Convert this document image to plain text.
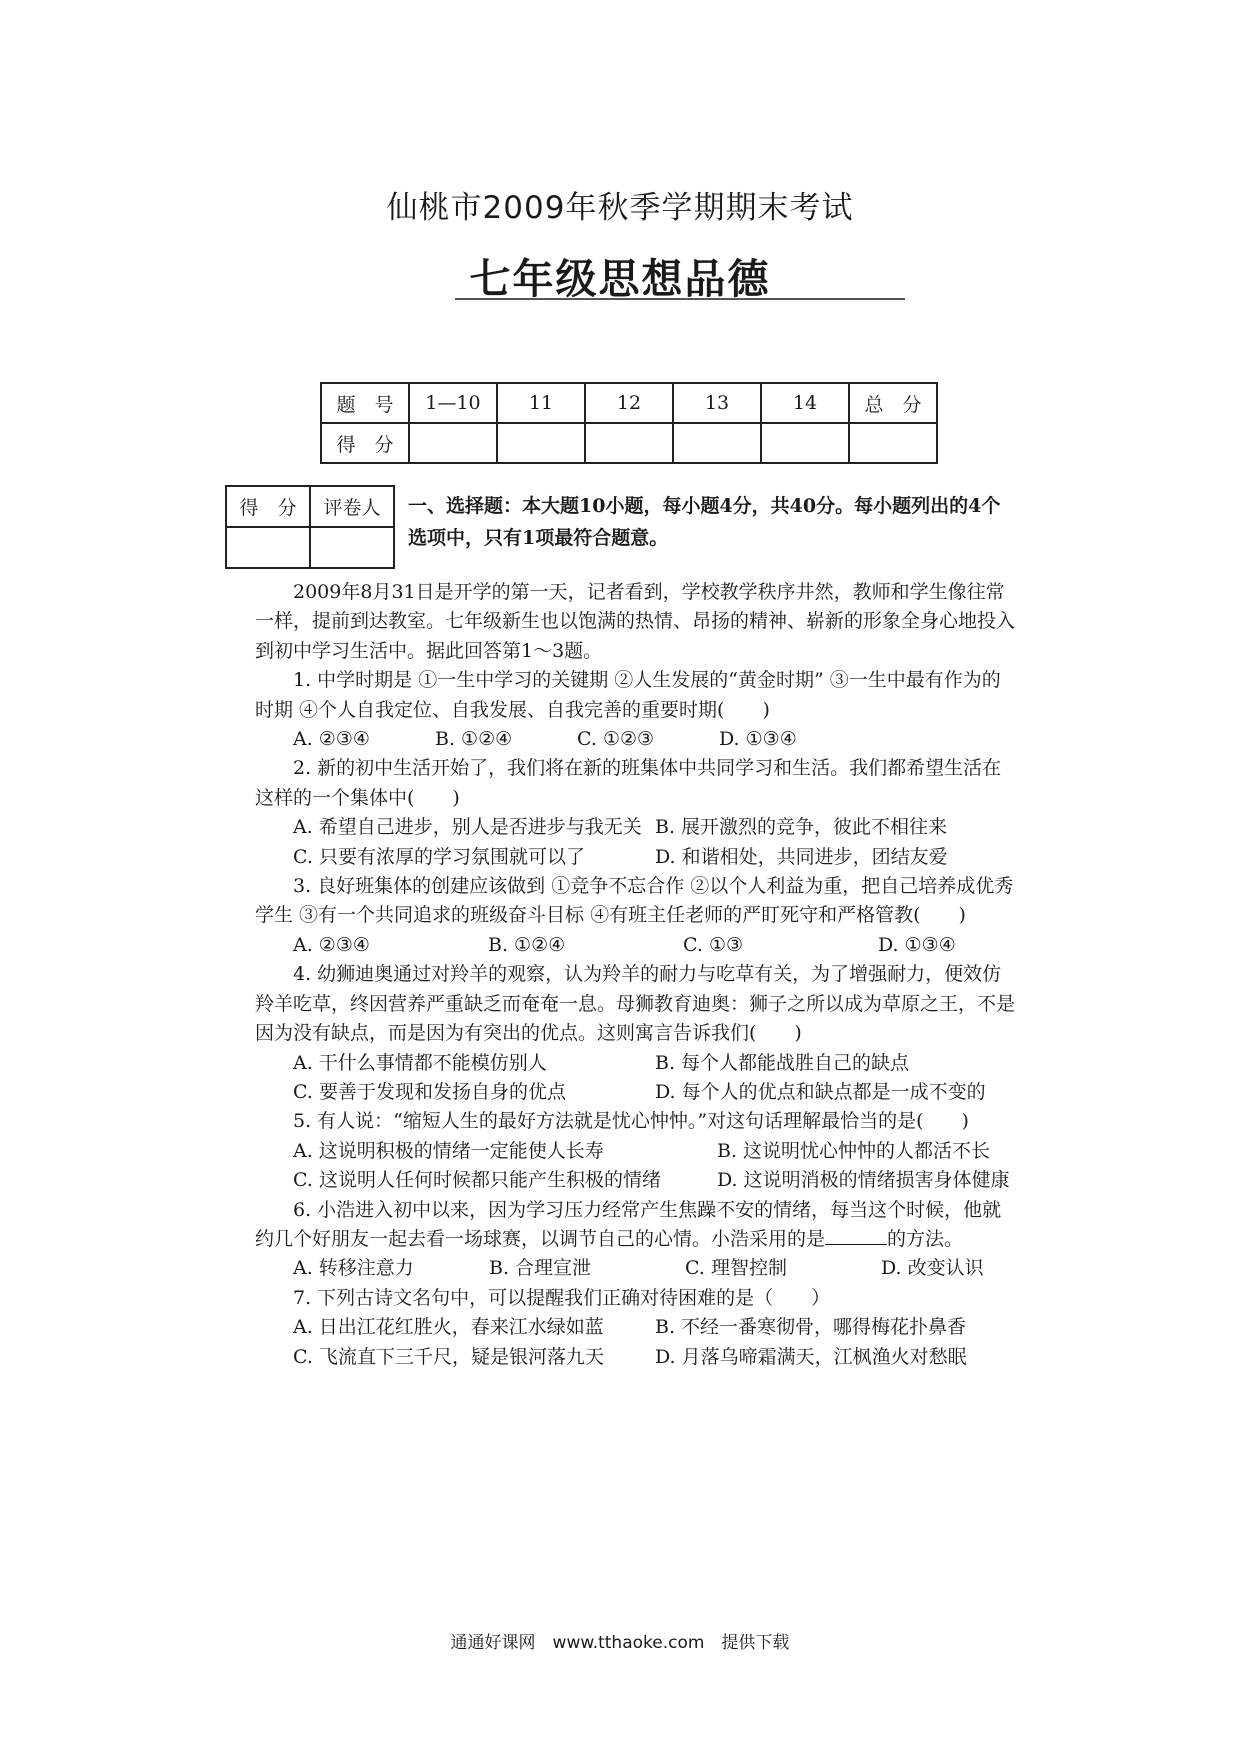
仙桃市2009年秋季学期期末考试
七年级思想品德
题　号	1—10	11	12	13	14	总　分
得　分						
得　分	评卷人
	一、选择题：本大题10小题，每小题4分，共40分。每小题列出的4个选项中，只有1项最符合题意。

2009年8月31日是开学的第一天，记者看到，学校教学秩序井然，教师和学生像往常一样，提前到达教室。七年级新生也以饱满的热情、昂扬的精神、崭新的形象全身心地投入到初中学习生活中。据此回答第1～3题。

1. 中学时期是 ①一生中学习的关键期 ②人生发展的“黄金时期” ③一生中最有作为的时期 ④个人自我定位、自我发展、自我完善的重要时期(　　)

A. ②③④	B. ①②④	C. ①②③	D. ①③④

2. 新的初中生活开始了，我们将在新的班集体中共同学习和生活。我们都希望生活在这样的一个集体中(　　)

A. 希望自己进步，别人是否进步与我无关 B. 展开激烈的竞争，彼此不相往来

C. 只要有浓厚的学习氛围就可以了	D. 和谐相处，共同进步，团结友爱

3. 良好班集体的创建应该做到 ①竞争不忘合作 ②以个人利益为重，把自己培养成优秀学生 ③有一个共同追求的班级奋斗目标 ④有班主任老师的严盯死守和严格管教(　　)

A. ②③④	B. ①②④	C. ①③	D. ①③④

4. 幼狮迪奥通过对羚羊的观察，认为羚羊的耐力与吃草有关，为了增强耐力，便效仿羚羊吃草，终因营养严重缺乏而奄奄一息。母狮教育迪奥：狮子之所以成为草原之王，不是因为没有缺点，而是因为有突出的优点。这则寓言告诉我们(　　)

A. 干什么事情都不能模仿别人	B. 每个人都能战胜自己的缺点

C. 要善于发现和发扬自身的优点	D. 每个人的优点和缺点都是一成不变的

5. 有人说：“缩短人生的最好方法就是忧心忡忡。”对这句话理解最恰当的是(　　)

A. 这说明积极的情绪一定能使人长寿	B. 这说明忧心忡忡的人都活不长

C. 这说明人任何时候都只能产生积极的情绪	D. 这说明消极的情绪损害身体健康

6. 小浩进入初中以来，因为学习压力经常产生焦躁不安的情绪，每当这个时候，他就约几个好朋友一起去看一场球赛，以调节自己的心情。小浩采用的是	的方法。

A. 转移注意力	B. 合理宣泄	C. 理智控制	D. 改变认识

7. 下列古诗文名句中，可以提醒我们正确对待困难的是（　　）

A. 日出江花红胜火，春来江水绿如蓝	B. 不经一番寒彻骨，哪得梅花扑鼻香

C. 飞流直下三千尺，疑是银河落九天	D. 月落乌啼霜满天，江枫渔火对愁眠

通通好课网　www.tthaoke.com　提供下载
